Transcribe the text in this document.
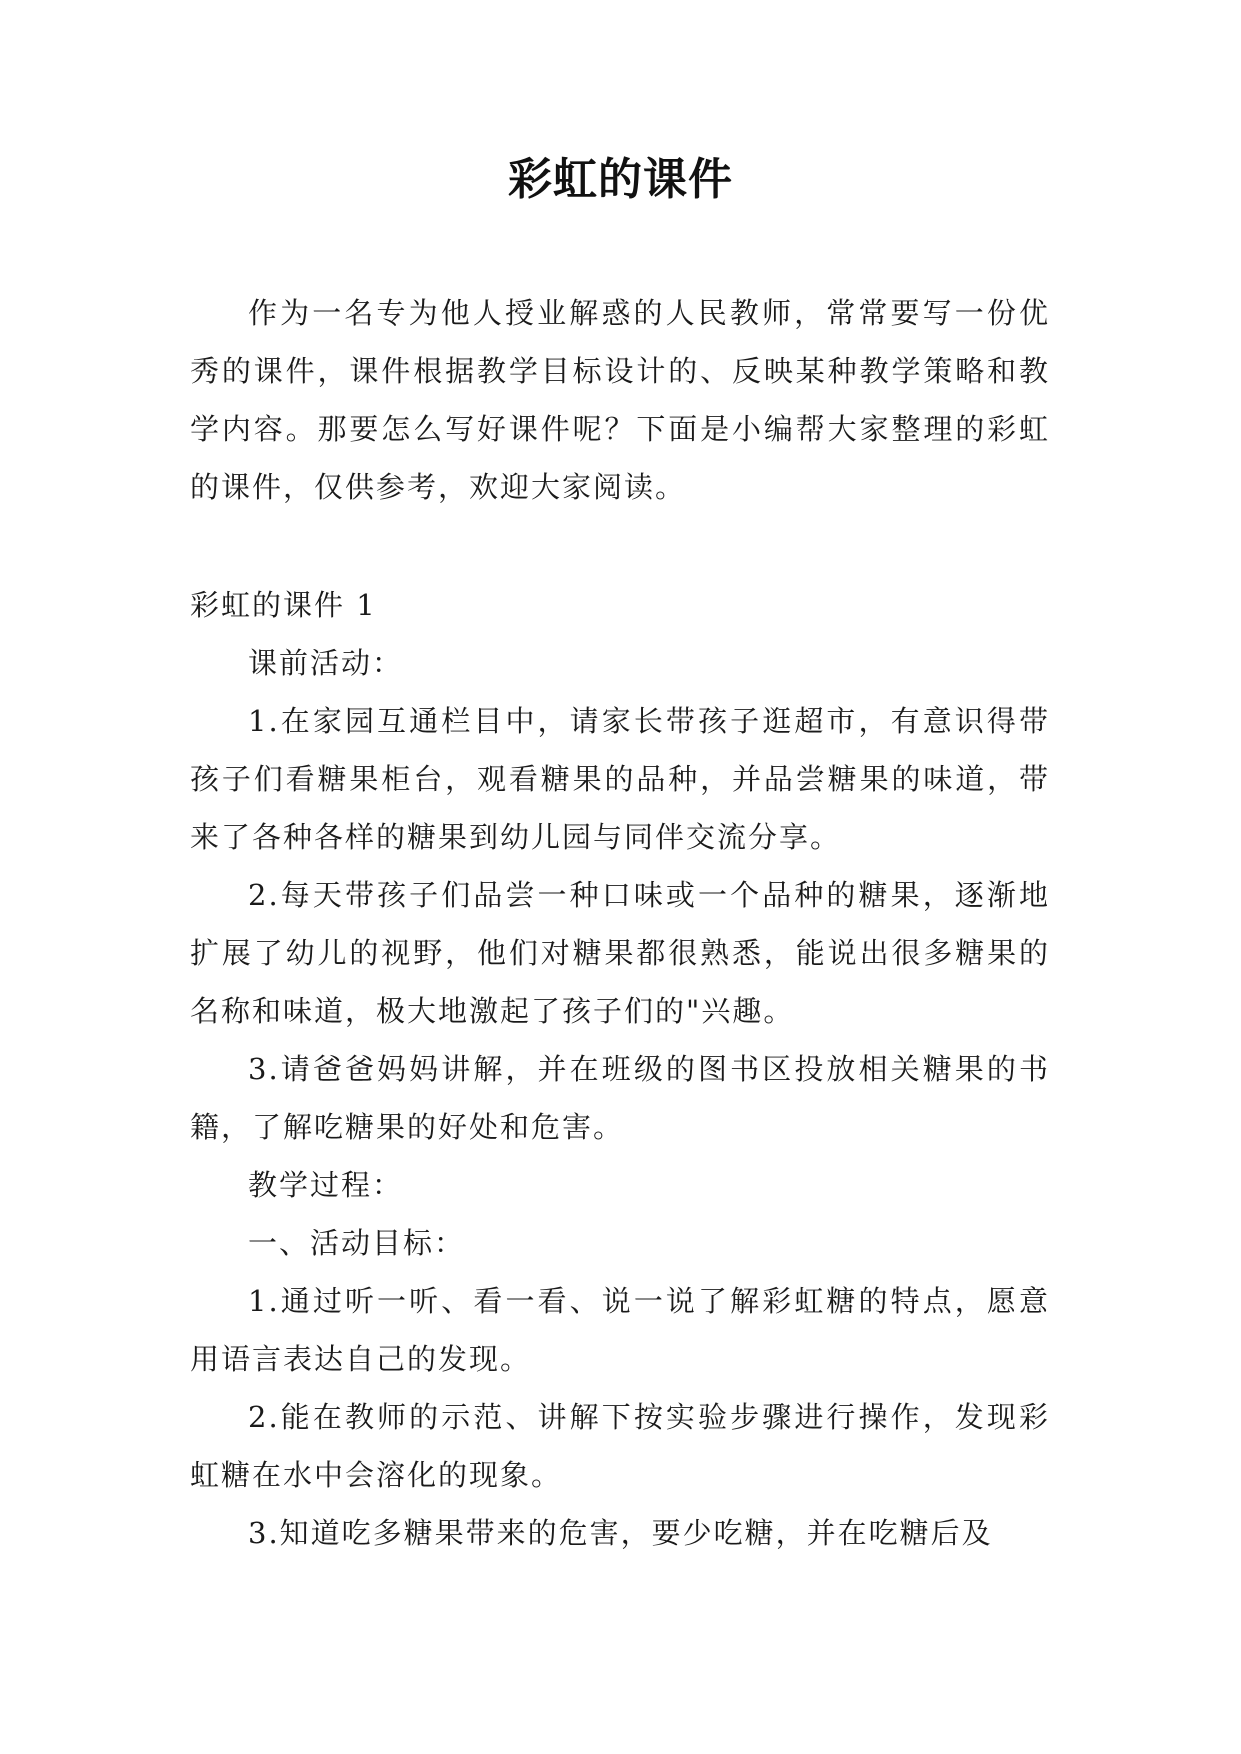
彩虹的课件

作为一名专为他人授业解惑的人民教师，常常要写一份优秀的课件，课件根据教学目标设计的、反映某种教学策略和教学内容。那要怎么写好课件呢？下面是小编帮大家整理的彩虹的课件，仅供参考，欢迎大家阅读。

彩虹的课件 1

课前活动：

1.在家园互通栏目中，请家长带孩子逛超市，有意识得带孩子们看糖果柜台，观看糖果的品种，并品尝糖果的味道，带来了各种各样的糖果到幼儿园与同伴交流分享。

2.每天带孩子们品尝一种口味或一个品种的糖果，逐渐地扩展了幼儿的视野，他们对糖果都很熟悉，能说出很多糖果的名称和味道，极大地激起了孩子们的"兴趣。

3.请爸爸妈妈讲解，并在班级的图书区投放相关糖果的书籍，了解吃糖果的好处和危害。

教学过程：

一、活动目标：

1.通过听一听、看一看、说一说了解彩虹糖的特点，愿意用语言表达自己的发现。

2.能在教师的示范、讲解下按实验步骤进行操作，发现彩虹糖在水中会溶化的现象。

3.知道吃多糖果带来的危害，要少吃糖，并在吃糖后及
